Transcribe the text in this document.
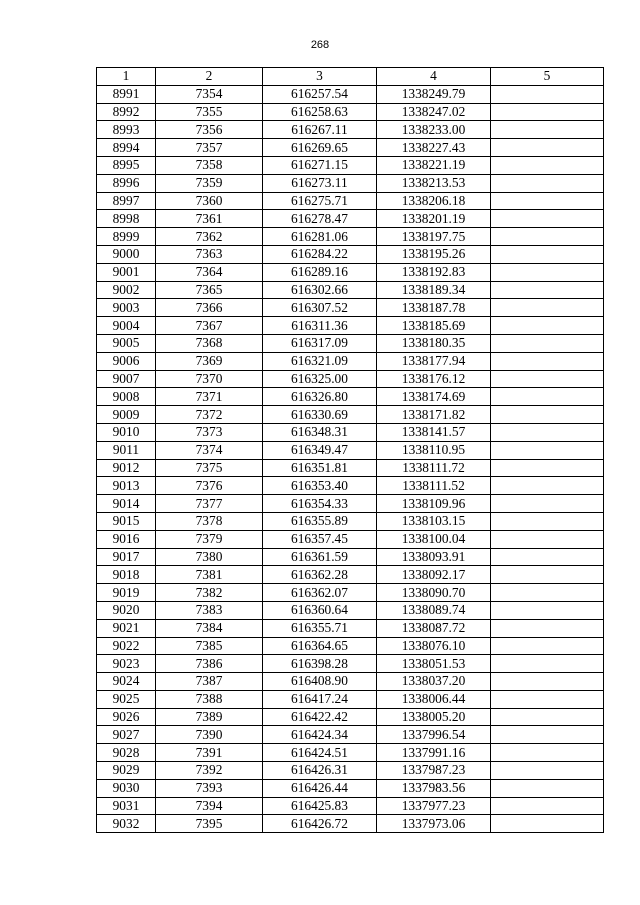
268
1	2	3	4	5
8991	7354	616257.54	1338249.79	
8992	7355	616258.63	1338247.02	
8993	7356	616267.11	1338233.00	
8994	7357	616269.65	1338227.43	
8995	7358	616271.15	1338221.19	
8996	7359	616273.11	1338213.53	
8997	7360	616275.71	1338206.18	
8998	7361	616278.47	1338201.19	
8999	7362	616281.06	1338197.75	
9000	7363	616284.22	1338195.26	
9001	7364	616289.16	1338192.83	
9002	7365	616302.66	1338189.34	
9003	7366	616307.52	1338187.78	
9004	7367	616311.36	1338185.69	
9005	7368	616317.09	1338180.35	
9006	7369	616321.09	1338177.94	
9007	7370	616325.00	1338176.12	
9008	7371	616326.80	1338174.69	
9009	7372	616330.69	1338171.82	
9010	7373	616348.31	1338141.57	
9011	7374	616349.47	1338110.95	
9012	7375	616351.81	1338111.72	
9013	7376	616353.40	1338111.52	
9014	7377	616354.33	1338109.96	
9015	7378	616355.89	1338103.15	
9016	7379	616357.45	1338100.04	
9017	7380	616361.59	1338093.91	
9018	7381	616362.28	1338092.17	
9019	7382	616362.07	1338090.70	
9020	7383	616360.64	1338089.74	
9021	7384	616355.71	1338087.72	
9022	7385	616364.65	1338076.10	
9023	7386	616398.28	1338051.53	
9024	7387	616408.90	1338037.20	
9025	7388	616417.24	1338006.44	
9026	7389	616422.42	1338005.20	
9027	7390	616424.34	1337996.54	
9028	7391	616424.51	1337991.16	
9029	7392	616426.31	1337987.23	
9030	7393	616426.44	1337983.56	
9031	7394	616425.83	1337977.23	
9032	7395	616426.72	1337973.06	
